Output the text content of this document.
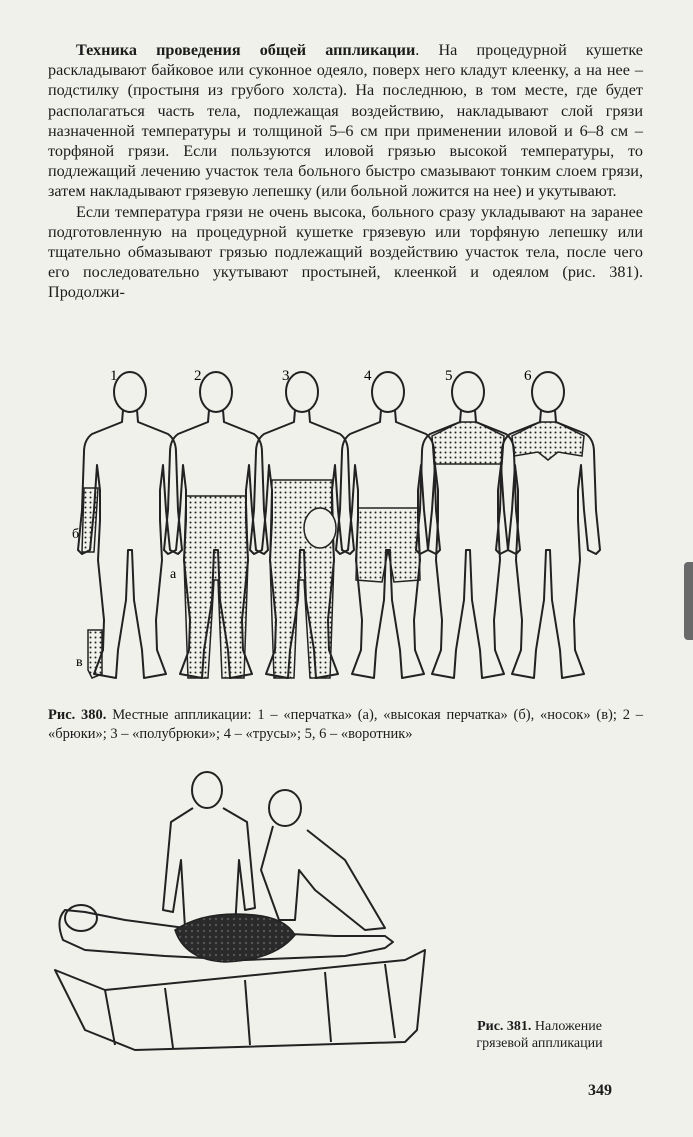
Техника проведения общей аппликации. На процедурной кушетке раскладывают байковое или суконное одеяло, поверх него кладут клеенку, а на нее – подстилку (простыня из грубого холста). На последнюю, в том месте, где будет располагаться часть тела, подлежащая воздействию, накладывают слой грязи назначенной температуры и толщиной 5–6 см при применении иловой и 6–8 см – торфяной грязи. Если пользуются иловой грязью высокой температуры, то подлежащий лечению участок тела больного быстро смазывают тонким слоем грязи, затем накладывают грязевую лепешку (или больной ложится на нее) и укутывают.

Если температура грязи не очень высока, больного сразу укладывают на заранее подготовленную на процедурной кушетке грязевую или торфяную лепешку или тщательно обмазывают грязью подлежащий воздействию участок тела, после чего его последовательно укутывают простыней, клеенкой и одеялом (рис. 381). Продолжи-

1	2	3	4	5	6
б
а
в
Рис. 380. Местные аппликации: 1 – «перчатка» (а), «высокая перчатка» (б), «носок» (в); 2 – «брюки»; 3 – «полубрюки»; 4 – «трусы»; 5, 6 – «воротник»
Рис. 381. Наложение
грязевой аппликации
349
